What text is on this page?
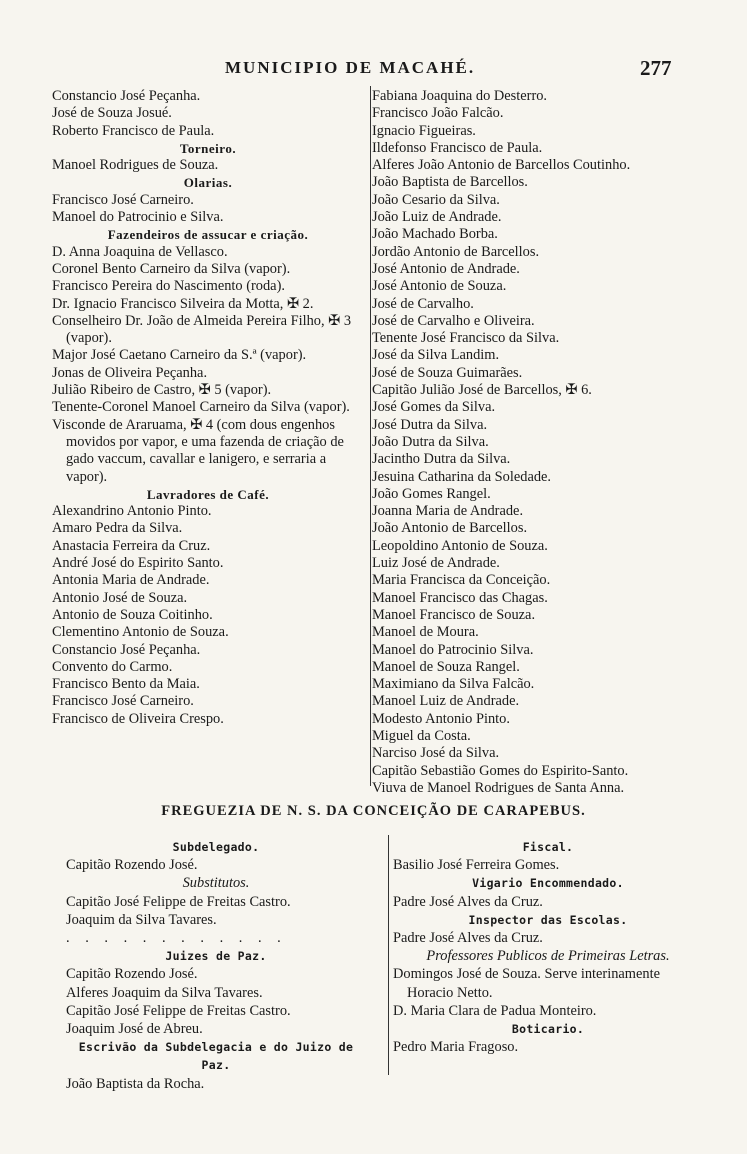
MUNICIPIO DE MACAHÉ.	277
Constancio José Peçanha.
José de Souza Josué.
Roberto Francisco de Paula.
Torneiro.
Manoel Rodrigues de Souza.
Olarias.
Francisco José Carneiro.
Manoel do Patrocinio e Silva.
Fazendeiros de assucar e criação.
D. Anna Joaquina de Vellasco.
Coronel Bento Carneiro da Silva (vapor).
Francisco Pereira do Nascimento (roda).
Dr. Ignacio Francisco Silveira da Motta, ✠ 2.
Conselheiro Dr. João de Almeida Pereira Filho, ✠ 3 (vapor).
Major José Caetano Carneiro da S.ª (vapor).
Jonas de Oliveira Peçanha.
Julião Ribeiro de Castro, ✠ 5 (vapor).
Tenente-Coronel Manoel Carneiro da Silva (vapor).
Visconde de Araruama, ✠ 4 (com dous engenhos movidos por vapor, e uma fazenda de criação de gado vaccum, cavallar e lanigero, e serraria a vapor).
Lavradores de Café.
Alexandrino Antonio Pinto.
Amaro Pedra da Silva.
Anastacia Ferreira da Cruz.
André José do Espirito Santo.
Antonia Maria de Andrade.
Antonio José de Souza.
Antonio de Souza Coitinho.
Clementino Antonio de Souza.
Constancio José Peçanha.
Convento do Carmo.
Francisco Bento da Maia.
Francisco José Carneiro.
Francisco de Oliveira Crespo.
Fabiana Joaquina do Desterro.
Francisco João Falcão.
Ignacio Figueiras.
Ildefonso Francisco de Paula.
Alferes João Antonio de Barcellos Coutinho.
João Baptista de Barcellos.
João Cesario da Silva.
João Luiz de Andrade.
João Machado Borba.
Jordão Antonio de Barcellos.
José Antonio de Andrade.
José Antonio de Souza.
José de Carvalho.
José de Carvalho e Oliveira.
Tenente José Francisco da Silva.
José da Silva Landim.
José de Souza Guimarães.
Capitão Julião José de Barcellos, ✠ 6.
José Gomes da Silva.
José Dutra da Silva.
João Dutra da Silva.
Jacintho Dutra da Silva.
Jesuina Catharina da Soledade.
João Gomes Rangel.
Joanna Maria de Andrade.
João Antonio de Barcellos.
Leopoldino Antonio de Souza.
Luiz José de Andrade.
Maria Francisca da Conceição.
Manoel Francisco das Chagas.
Manoel Francisco de Souza.
Manoel de Moura.
Manoel do Patrocinio Silva.
Manoel de Souza Rangel.
Maximiano da Silva Falcão.
Manoel Luiz de Andrade.
Modesto Antonio Pinto.
Miguel da Costa.
Narciso José da Silva.
Capitão Sebastião Gomes do Espirito-Santo.
Viuva de Manoel Rodrigues de Santa Anna.
FREGUEZIA DE N. S. DA CONCEIÇÃO DE CARAPEBUS.
Subdelegado.
Capitão Rozendo José.
Substitutos.
Capitão José Felippe de Freitas Castro.
Joaquim da Silva Tavares.
. . . . . . . . . . . .
Juizes de Paz.
Capitão Rozendo José.
Alferes Joaquim da Silva Tavares.
Capitão José Felippe de Freitas Castro.
Joaquim José de Abreu.
Escrivão da Subdelegacia e do Juizo de Paz.
João Baptista da Rocha.
Fiscal.
Basilio José Ferreira Gomes.
Vigario Encommendado.
Padre José Alves da Cruz.
Inspector das Escolas.
Padre José Alves da Cruz.
Professores Publicos de Primeiras Letras.
Domingos José de Souza. Serve interinamente Horacio Netto.
D. Maria Clara de Padua Monteiro.
Boticario.
Pedro Maria Fragoso.
